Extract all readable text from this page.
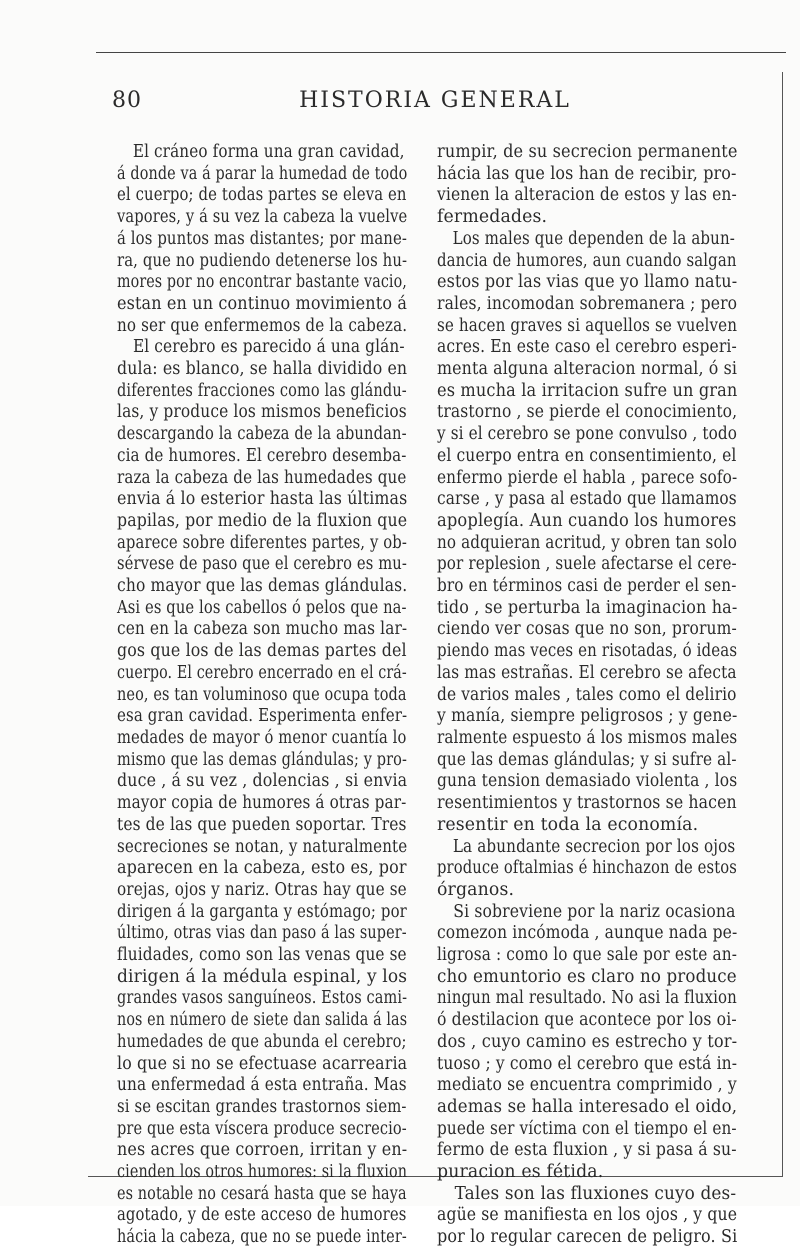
80	HISTORIA GENERAL
El cráneo forma una gran cavidad,
á donde va á parar la humedad de todo
el cuerpo; de todas partes se eleva en
vapores, y á su vez la cabeza la vuelve
á los puntos mas distantes; por mane-
ra, que no pudiendo detenerse los hu-
mores por no encontrar bastante vacio,
estan en un continuo movimiento á
no ser que enfermemos de la cabeza.
El cerebro es parecido á una glán-
dula: es blanco, se halla dividido en
diferentes fracciones como las glándu-
las, y produce los mismos beneficios
descargando la cabeza de la abundan-
cia de humores. El cerebro desemba-
raza la cabeza de las humedades que
envia á lo esterior hasta las últimas
papilas, por medio de la fluxion que
aparece sobre diferentes partes, y ob-
sérvese de paso que el cerebro es mu-
cho mayor que las demas glándulas.
Asi es que los cabellos ó pelos que na-
cen en la cabeza son mucho mas lar-
gos que los de las demas partes del
cuerpo. El cerebro encerrado en el crá-
neo, es tan voluminoso que ocupa toda
esa gran cavidad. Esperimenta enfer-
medades de mayor ó menor cuantía lo
mismo que las demas glándulas; y pro-
duce , á su vez , dolencias , si envia
mayor copia de humores á otras par-
tes de las que pueden soportar. Tres
secreciones se notan, y naturalmente
aparecen en la cabeza, esto es, por
orejas, ojos y nariz. Otras hay que se
dirigen á la garganta y estómago; por
último, otras vias dan paso á las super-
fluidades, como son las venas que se
dirigen á la médula espinal, y los
grandes vasos sanguíneos. Estos cami-
nos en número de siete dan salida á las
humedades de que abunda el cerebro;
lo que si no se efectuase acarrearia
una enfermedad á esta entraña. Mas
si se escitan grandes trastornos siem-
pre que esta víscera produce secrecio-
nes acres que corroen, irritan y en-
cienden los otros humores: si la fluxion
es notable no cesará hasta que se haya
agotado, y de este acceso de humores
hácia la cabeza, que no se puede inter-
rumpir, de su secrecion permanente
hácia las que los han de recibir, pro-
vienen la alteracion de estos y las en-
fermedades.
Los males que dependen de la abun-
dancia de humores, aun cuando salgan
estos por las vias que yo llamo natu-
rales, incomodan sobremanera ; pero
se hacen graves si aquellos se vuelven
acres. En este caso el cerebro esperi-
menta alguna alteracion normal, ó si
es mucha la irritacion sufre un gran
trastorno , se pierde el conocimiento,
y si el cerebro se pone convulso , todo
el cuerpo entra en consentimiento, el
enfermo pierde el habla , parece sofo-
carse , y pasa al estado que llamamos
apoplegía. Aun cuando los humores
no adquieran acritud, y obren tan solo
por replesion , suele afectarse el cere-
bro en términos casi de perder el sen-
tido , se perturba la imaginacion ha-
ciendo ver cosas que no son, prorum-
piendo mas veces en risotadas, ó ideas
las mas estrañas. El cerebro se afecta
de varios males , tales como el delirio
y manía, siempre peligrosos ; y gene-
ralmente espuesto á los mismos males
que las demas glándulas; y si sufre al-
guna tension demasiado violenta , los
resentimientos y trastornos se hacen
resentir en toda la economía.
La abundante secrecion por los ojos
produce oftalmias é hinchazon de estos
órganos.
Si sobreviene por la nariz ocasiona
comezon incómoda , aunque nada pe-
ligrosa : como lo que sale por este an-
cho emuntorio es claro no produce
ningun mal resultado. No asi la fluxion
ó destilacion que acontece por los oi-
dos , cuyo camino es estrecho y tor-
tuoso ; y como el cerebro que está in-
mediato se encuentra comprimido , y
ademas se halla interesado el oido,
puede ser víctima con el tiempo el en-
fermo de esta fluxion , y si pasa á su-
puracion es fétida.
Tales son las fluxiones cuyo des-
agüe se manifiesta en los ojos , y que
por lo regular carecen de peligro. Si
